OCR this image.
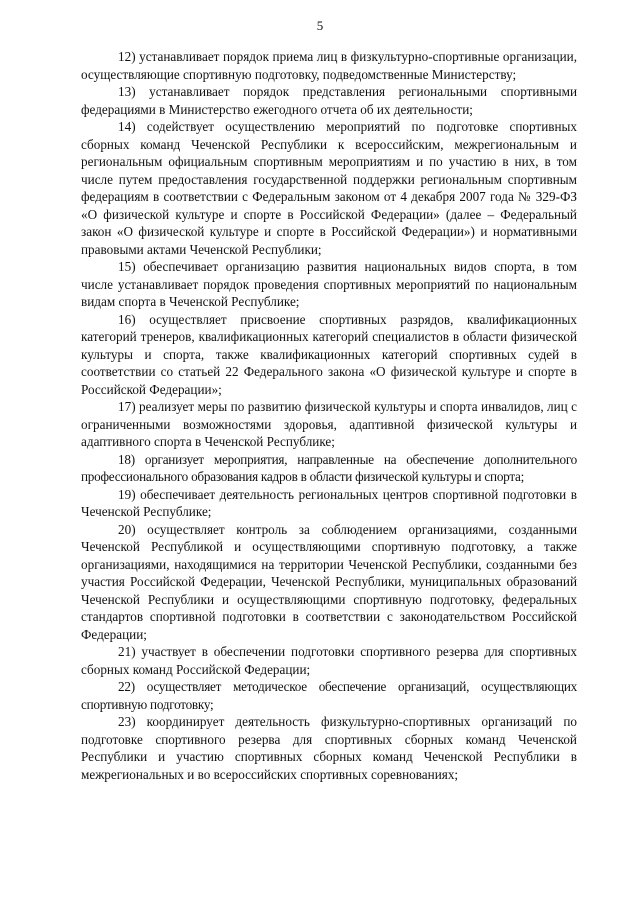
5

12) устанавливает порядок приема лиц в физкультурно-спортивные организации, осуществляющие спортивную подготовку, подведомственные Министерству;

13) устанавливает порядок представления региональными спортивными федерациями в Министерство ежегодного отчета об их деятельности;

14) содействует осуществлению мероприятий по подготовке спортивных сборных команд Чеченской Республики к всероссийским, межрегиональным и региональным официальным спортивным мероприятиям и по участию в них, в том числе путем предоставления государственной поддержки региональным спортивным федерациям в соответствии с Федеральным законом от 4 декабря 2007 года № 329-ФЗ «О физической культуре и спорте в Российской Федерации» (далее – Федеральный закон «О физической культуре и спорте в Российской Федерации») и нормативными правовыми актами Чеченской Республики;

15) обеспечивает организацию развития национальных видов спорта, в том числе устанавливает порядок проведения спортивных мероприятий по национальным видам спорта в Чеченской Республике;

16) осуществляет присвоение спортивных разрядов, квалификационных категорий тренеров, квалификационных категорий специалистов в области физической культуры и спорта, также квалификационных категорий спортивных судей в соответствии со статьей 22 Федерального закона «О физической культуре и спорте в Российской Федерации»;

17) реализует меры по развитию физической культуры и спорта инвалидов, лиц с ограниченными возможностями здоровья, адаптивной физической культуры и адаптивного спорта в Чеченской Республике;

18) организует мероприятия, направленные на обеспечение дополнительного профессионального образования кадров в области физической культуры и спорта;

19) обеспечивает деятельность региональных центров спортивной подготовки в Чеченской Республике;

20) осуществляет контроль за соблюдением организациями, созданными Чеченской Республикой и осуществляющими спортивную подготовку, а также организациями, находящимися на территории Чеченской Республики, созданными без участия Российской Федерации, Чеченской Республики, муниципальных образований Чеченской Республики и осуществляющими спортивную подготовку, федеральных стандартов спортивной подготовки в соответствии с законодательством Российской Федерации;

21) участвует в обеспечении подготовки спортивного резерва для спортивных сборных команд Российской Федерации;

22) осуществляет методическое обеспечение организаций, осуществляющих спортивную подготовку;

23) координирует деятельность физкультурно-спортивных организаций по подготовке спортивного резерва для спортивных сборных команд Чеченской Республики и участию спортивных сборных команд Чеченской Республики в межрегиональных и во всероссийских спортивных соревнованиях;
